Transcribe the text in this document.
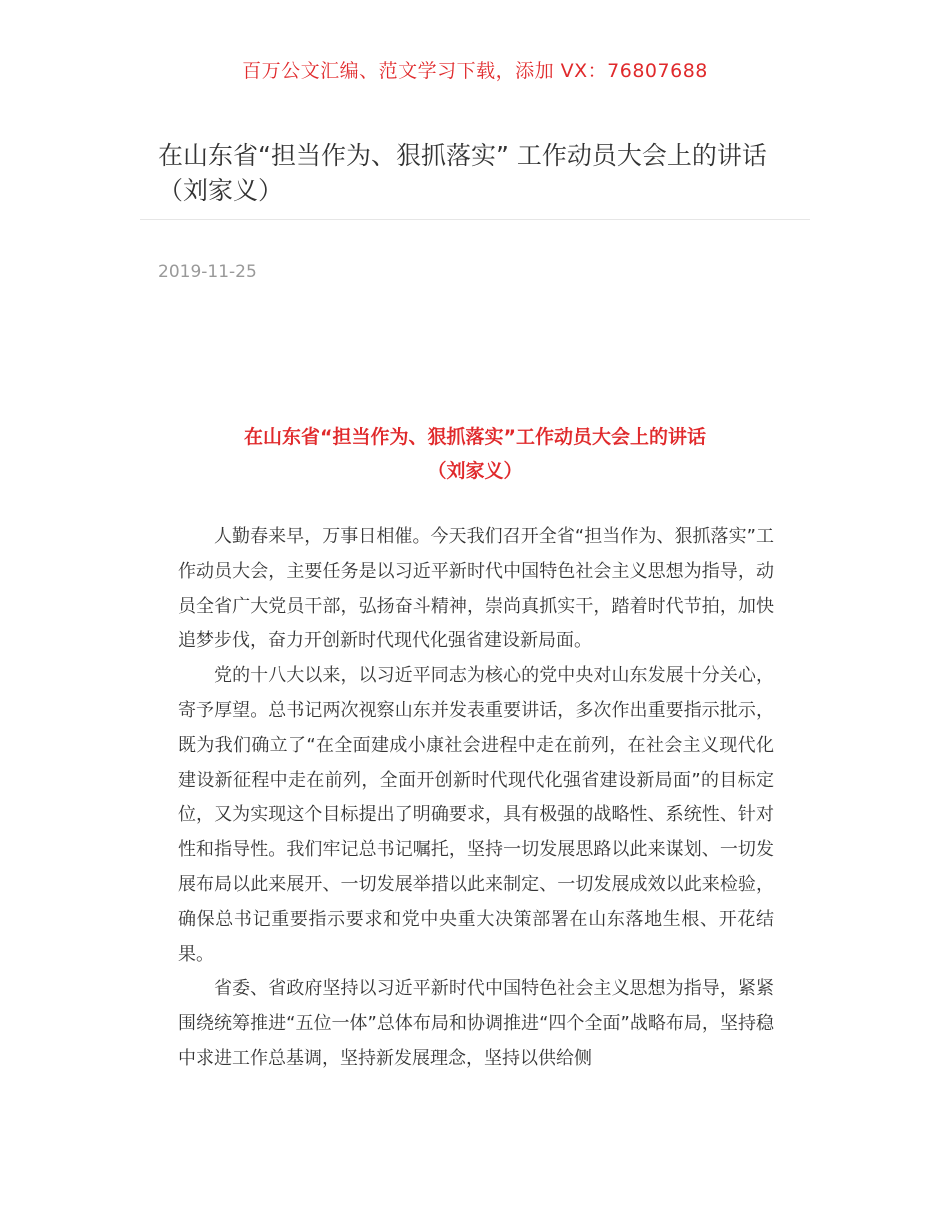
百万公文汇编、范文学习下载，添加 VX：76807688
在山东省“担当作为、狠抓落实” 工作动员大会上的讲话（刘家义）
2019-11-25
在山东省“担当作为、狠抓落实”工作动员大会上的讲话
（刘家义）

人勤春来早，万事日相催。今天我们召开全省“担当作为、狠抓落实”工作动员大会，主要任务是以习近平新时代中国特色社会主义思想为指导，动员全省广大党员干部，弘扬奋斗精神，崇尚真抓实干，踏着时代节拍，加快追梦步伐，奋力开创新时代现代化强省建设新局面。

党的十八大以来，以习近平同志为核心的党中央对山东发展十分关心，寄予厚望。总书记两次视察山东并发表重要讲话，多次作出重要指示批示，既为我们确立了“在全面建成小康社会进程中走在前列，在社会主义现代化建设新征程中走在前列，全面开创新时代现代化强省建设新局面”的目标定位，又为实现这个目标提出了明确要求，具有极强的战略性、系统性、针对性和指导性。我们牢记总书记嘱托，坚持一切发展思路以此来谋划、一切发展布局以此来展开、一切发展举措以此来制定、一切发展成效以此来检验，确保总书记重要指示要求和党中央重大决策部署在山东落地生根、开花结果。

省委、省政府坚持以习近平新时代中国特色社会主义思想为指导，紧紧围绕统筹推进“五位一体”总体布局和协调推进“四个全面”战略布局，坚持稳中求进工作总基调，坚持新发展理念，坚持以供给侧
